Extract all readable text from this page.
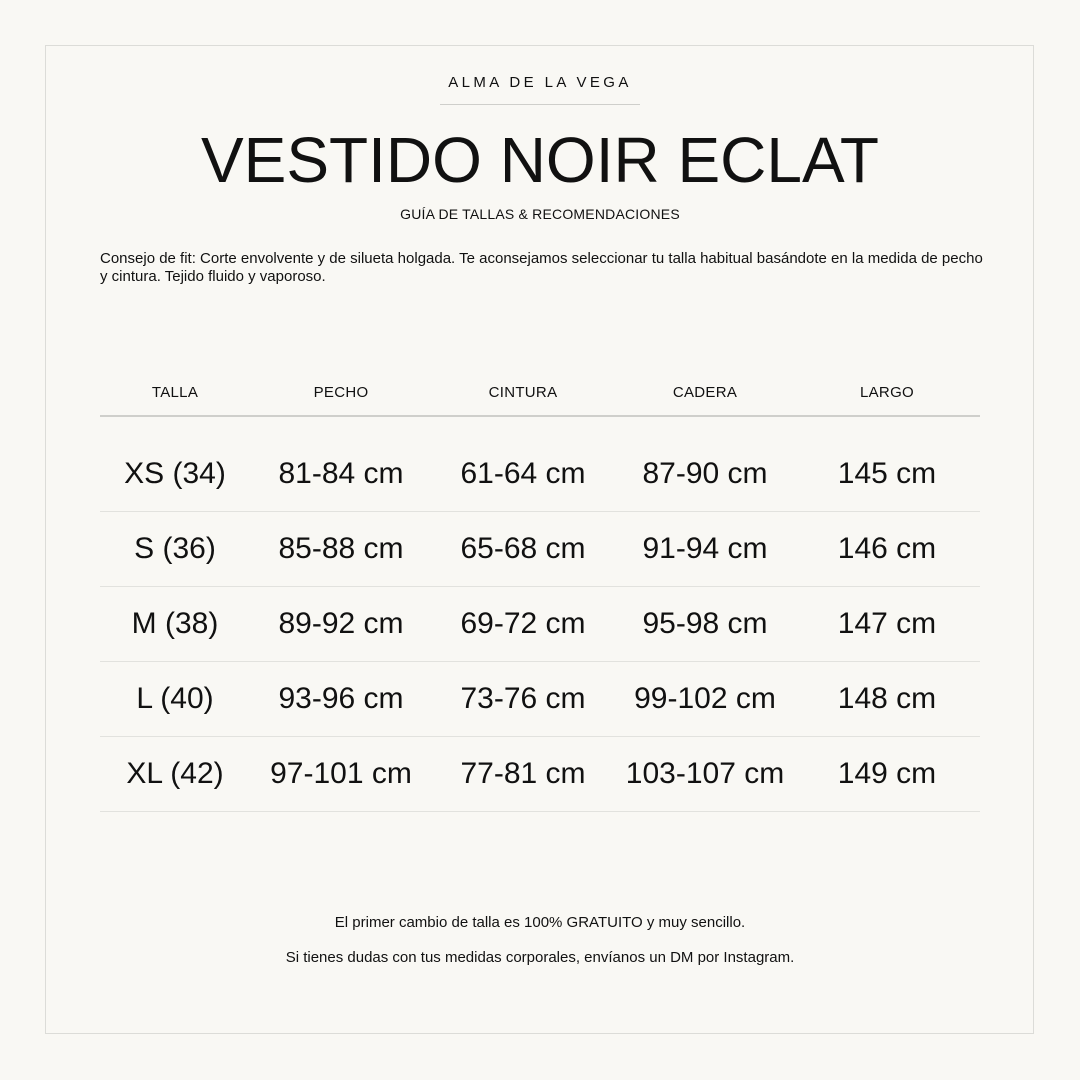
ALMA DE LA VEGA
VESTIDO NOIR ECLAT
GUÍA DE TALLAS & RECOMENDACIONES
Consejo de fit: Corte envolvente y de silueta holgada. Te aconsejamos seleccionar tu talla habitual basándote en la medida de pecho y cintura. Tejido fluido y vaporoso.
TALLA	PECHO	CINTURA	CADERA	LARGO
XS (34)	81-84 cm	61-64 cm	87-90 cm	145 cm
S (36)	85-88 cm	65-68 cm	91-94 cm	146 cm
M (38)	89-92 cm	69-72 cm	95-98 cm	147 cm
L (40)	93-96 cm	73-76 cm	99-102 cm	148 cm
XL (42)	97-101 cm	77-81 cm	103-107 cm	149 cm
El primer cambio de talla es 100% GRATUITO y muy sencillo.
Si tienes dudas con tus medidas corporales, envíanos un DM por Instagram.
